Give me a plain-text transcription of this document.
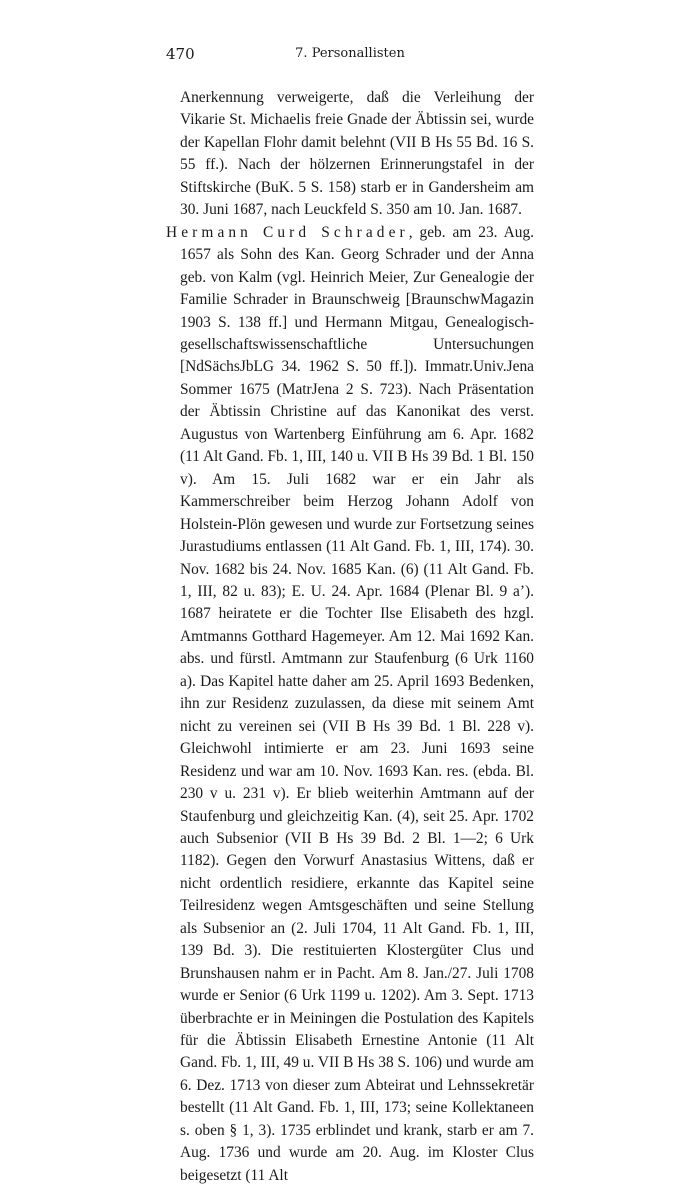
470	7. Personallisten

Anerkennung verweigerte, daß die Verleihung der Vikarie St. Michaelis freie Gnade der Äbtissin sei, wurde der Kapellan Flohr damit belehnt (VII B Hs 55 Bd. 16 S. 55 ff.). Nach der hölzernen Erinnerungstafel in der Stiftskirche (BuK. 5 S. 158) starb er in Gandersheim am 30. Juni 1687, nach Leuckfeld S. 350 am 10. Jan. 1687.

Hermann Curd Schrader, geb. am 23. Aug. 1657 als Sohn des Kan. Georg Schrader und der Anna geb. von Kalm (vgl. Heinrich Meier, Zur Genealogie der Familie Schrader in Braunschweig [BraunschwMagazin 1903 S. 138 ff.] und Hermann Mitgau, Genealogisch-gesellschaftswissenschaftliche Untersuchungen [NdSächsJbLG 34. 1962 S. 50 ff.]). Immatr.Univ.Jena Sommer 1675 (MatrJena 2 S. 723). Nach Präsentation der Äbtissin Christine auf das Kanonikat des verst. Augustus von Wartenberg Einführung am 6. Apr. 1682 (11 Alt Gand. Fb. 1, III, 140 u. VII B Hs 39 Bd. 1 Bl. 150 v). Am 15. Juli 1682 war er ein Jahr als Kammerschreiber beim Herzog Johann Adolf von Holstein-Plön gewesen und wurde zur Fortsetzung seines Jurastudiums entlassen (11 Alt Gand. Fb. 1, III, 174). 30. Nov. 1682 bis 24. Nov. 1685 Kan. (6) (11 Alt Gand. Fb. 1, III, 82 u. 83); E. U. 24. Apr. 1684 (Plenar Bl. 9 a’). 1687 heiratete er die Tochter Ilse Elisabeth des hzgl. Amtmanns Gotthard Hagemeyer. Am 12. Mai 1692 Kan. abs. und fürstl. Amtmann zur Staufenburg (6 Urk 1160 a). Das Kapitel hatte daher am 25. April 1693 Bedenken, ihn zur Residenz zuzulassen, da diese mit seinem Amt nicht zu vereinen sei (VII B Hs 39 Bd. 1 Bl. 228 v). Gleichwohl intimierte er am 23. Juni 1693 seine Residenz und war am 10. Nov. 1693 Kan. res. (ebda. Bl. 230 v u. 231 v). Er blieb weiterhin Amtmann auf der Staufenburg und gleichzeitig Kan. (4), seit 25. Apr. 1702 auch Subsenior (VII B Hs 39 Bd. 2 Bl. 1—2; 6 Urk 1182). Gegen den Vorwurf Anastasius Wittens, daß er nicht ordentlich residiere, erkannte das Kapitel seine Teilresidenz wegen Amtsgeschäften und seine Stellung als Subsenior an (2. Juli 1704, 11 Alt Gand. Fb. 1, III, 139 Bd. 3). Die restituierten Klostergüter Clus und Brunshausen nahm er in Pacht. Am 8. Jan./27. Juli 1708 wurde er Senior (6 Urk 1199 u. 1202). Am 3. Sept. 1713 überbrachte er in Meiningen die Postulation des Kapitels für die Äbtissin Elisabeth Ernestine Antonie (11 Alt Gand. Fb. 1, III, 49 u. VII B Hs 38 S. 106) und wurde am 6. Dez. 1713 von dieser zum Abteirat und Lehnssekretär bestellt (11 Alt Gand. Fb. 1, III, 173; seine Kollektaneen s. oben § 1, 3). 1735 erblindet und krank, starb er am 7. Aug. 1736 und wurde am 20. Aug. im Kloster Clus beigesetzt (11 Alt
